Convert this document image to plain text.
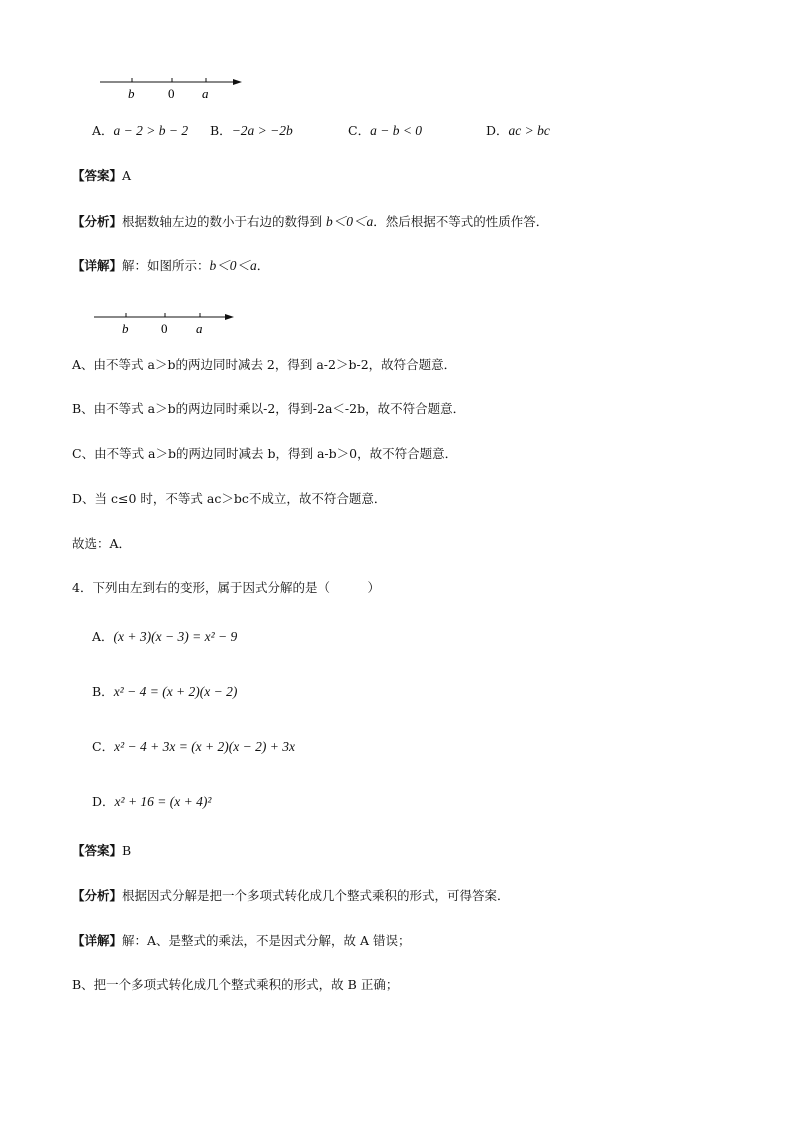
b	0 a
A．a − 2 > b − 2 B．−2a > −2b	C．a − b < 0	D．ac > bc
【答案】A
【分析】根据数轴左边的数小于右边的数得到 b＜0＜a．然后根据不等式的性质作答．
【详解】解：如图所示：b＜0＜a．
b	0 a
A、由不等式 a＞b的两边同时减去 2，得到 a-2＞b-2，故符合题意．
B、由不等式 a＞b的两边同时乘以-2，得到-2a＜-2b，故不符合题意．
C、由不等式 a＞b的两边同时减去 b，得到 a-b＞0，故不符合题意．
D、当 c≤0 时，不等式 ac＞bc不成立，故不符合题意．
故选：A．
4．下列由左到右的变形，属于因式分解的是（　　　）
A．(x + 3)(x − 3) = x² − 9
B．x² − 4 = (x + 2)(x − 2)
C．x² − 4 + 3x = (x + 2)(x − 2) + 3x
D．x² + 16 = (x + 4)²
【答案】B
【分析】根据因式分解是把一个多项式转化成几个整式乘积的形式，可得答案．
【详解】解：A、是整式的乘法，不是因式分解，故 A 错误；
B、把一个多项式转化成几个整式乘积的形式，故 B 正确；
